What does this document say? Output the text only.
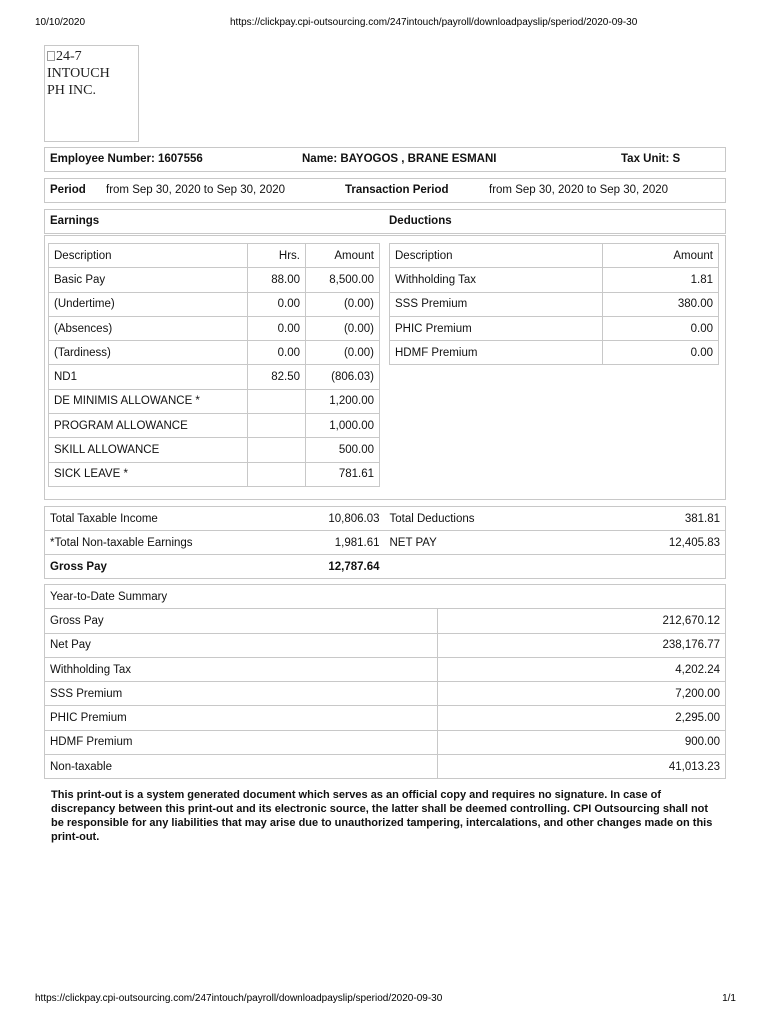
10/10/2020	https://clickpay.cpi-outsourcing.com/247intouch/payroll/downloadpayslip/speriod/2020-09-30
24-7
INTOUCH
PH INC.
Employee Number: 1607556	Name: BAYOGOS , BRANE ESMANI	Tax Unit: S
Period from Sep 30, 2020 to Sep 30, 2020	Transaction Period	from Sep 30, 2020 to Sep 30, 2020
Earnings	Deductions
Description	Hrs.	Amount
Basic Pay	88.00	8,500.00
(Undertime)	0.00	(0.00)
(Absences)	0.00	(0.00)
(Tardiness)	0.00	(0.00)
ND1	82.50	(806.03)
DE MINIMIS ALLOWANCE *		1,200.00
PROGRAM ALLOWANCE		1,000.00
SKILL ALLOWANCE		500.00
SICK LEAVE *		781.61
Description	Amount
Withholding Tax	1.81
SSS Premium	380.00
PHIC Premium	0.00
HDMF Premium	0.00
Total Taxable Income	10,806.03	Total Deductions	381.81
*Total Non-taxable Earnings	1,981.61	NET PAY	12,405.83
Gross Pay	12,787.64		
Year-to-Date Summary	
Gross Pay	212,670.12
Net Pay	238,176.77
Withholding Tax	4,202.24
SSS Premium	7,200.00
PHIC Premium	2,295.00
HDMF Premium	900.00
Non-taxable	41,013.23
This print-out is a system generated document which serves as an official copy and requires no signature. In case of discrepancy between this print-out and its electronic source, the latter shall be deemed controlling. CPI Outsourcing shall not be responsible for any liabilities that may arise due to unauthorized tampering, intercalations, and other changes made on this print-out.
https://clickpay.cpi-outsourcing.com/247intouch/payroll/downloadpayslip/speriod/2020-09-30	1/1
